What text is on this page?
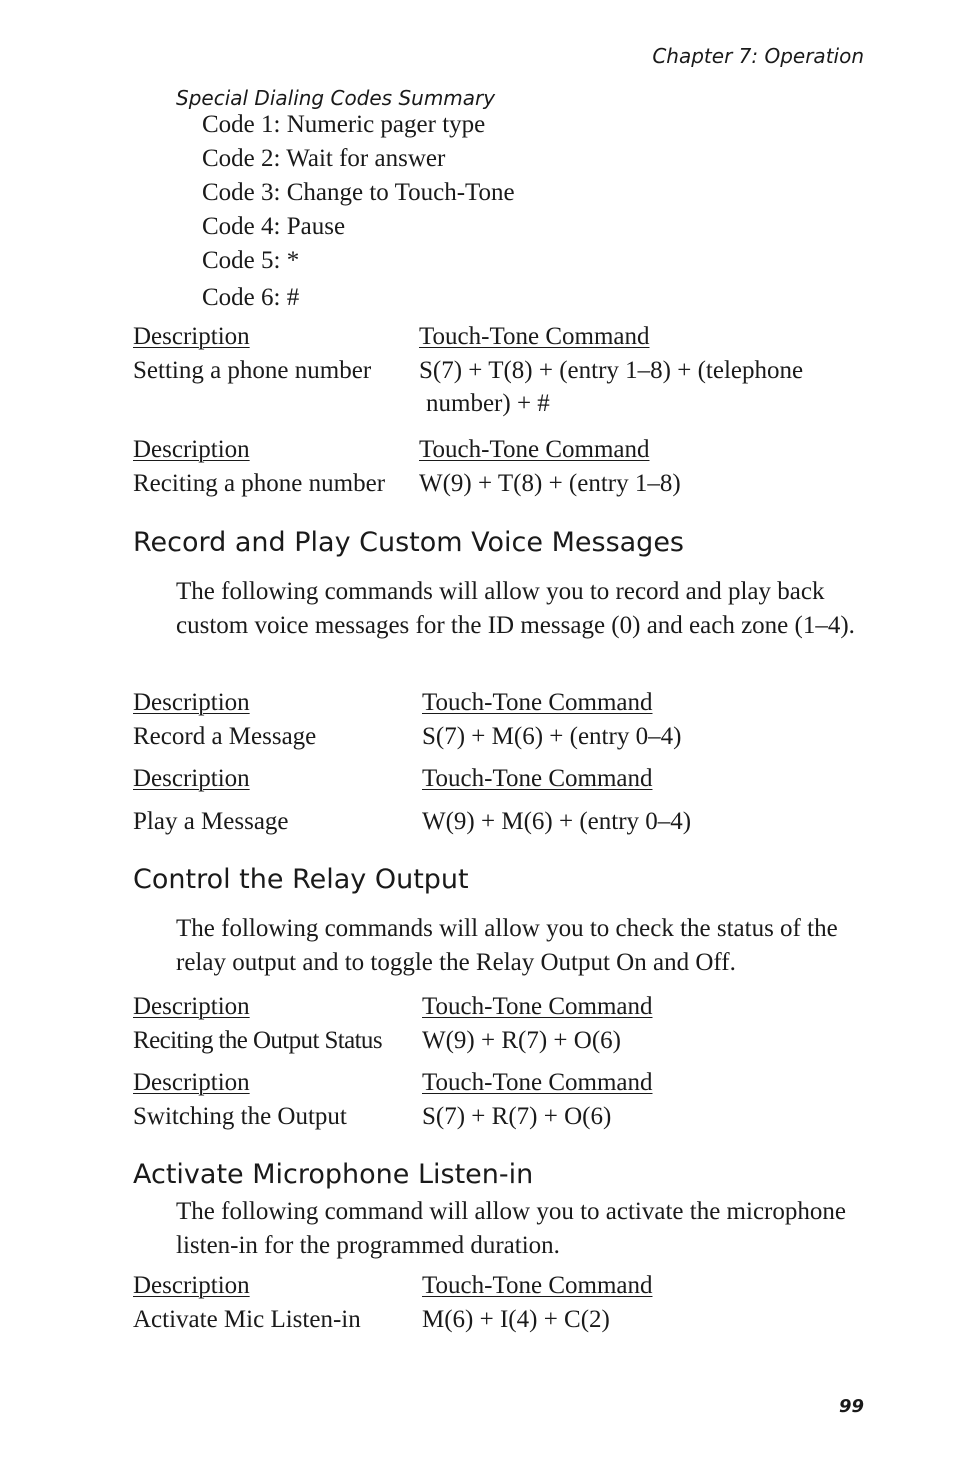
Chapter 7: Operation
Special Dialing Codes Summary
Code 1: Numeric pager type
Code 2: Wait for answer
Code 3: Change to Touch-Tone
Code 4: Pause
Code 5: *
Code 6: #
Description	Touch-Tone Command
Setting a phone number S(7) + T(8) + (entry 1–8) + (telephone
number) + #
Description	Touch-Tone Command
Reciting a phone number W(9) + T(8) + (entry 1–8)
Record and Play Custom Voice Messages

The following commands will allow you to record and play back custom voice messages for the ID message (0) and each zone (1–4).

Description	Touch-Tone Command
Record a Message	S(7) + M(6) + (entry 0–4)
Description	Touch-Tone Command
Play a Message	W(9) + M(6) + (entry 0–4)
Control the Relay Output

The following commands will allow you to check the status of the relay output and to toggle the Relay Output On and Off.

Description	Touch-Tone Command
Reciting the Output Status W(9) + R(7) + O(6)
Description	Touch-Tone Command
Switching the Output	S(7) + R(7) + O(6)
Activate Microphone Listen-in

The following command will allow you to activate the microphone listen-in for the programmed duration.

Description	Touch-Tone Command
Activate Mic Listen-in M(6) + I(4) + C(2)
99
